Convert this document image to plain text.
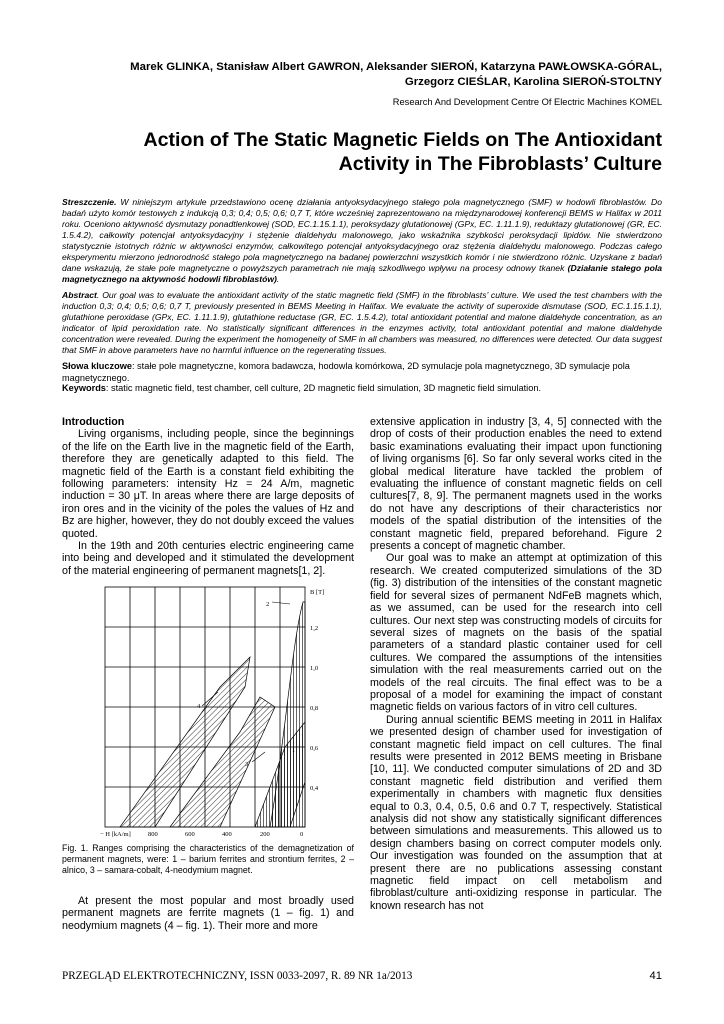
Marek GLINKA, Stanisław Albert GAWRON, Aleksander SIEROŃ, Katarzyna PAWŁOWSKA-GÓRAL,
Grzegorz CIEŚLAR, Karolina SIEROŃ-STOLTNY
Research And Development Centre Of Electric Machines KOMEL
Action of The Static Magnetic Fields on The Antioxidant
Activity in The Fibroblasts’ Culture
Streszczenie. W niniejszym artykule przedstawiono ocenę działania antyoksydacyjnego stałego pola magnetycznego (SMF) w hodowli fibroblastów. Do badań użyto komór testowych z indukcją 0,3; 0,4; 0,5; 0,6; 0,7 T, które wcześniej zaprezentowano na międzynarodowej konferencji BEMS w Halifax w 2011 roku. Oceniono aktywność dysmutazy ponadtlenkowej (SOD, EC.1.15.1.1), peroksydazy glutationowej (GPx, EC. 1.11.1.9), reduktazy glutationowej (GR, EC. 1.5.4.2), całkowity potencjał antyoksydacyjny i stężenie dialdehydu malonowego, jako wskaźnika szybkości peroksydacji lipidów. Nie stwierdzono statystycznie istotnych różnic w aktywności enzymów, całkowitego potencjał antyoksydacyjnego oraz stężenia dialdehydu malonowego. Podczas całego eksperymentu mierzono jednorodność stałego pola magnetycznego na badanej powierzchni wszystkich komór i nie stwierdzono różnic. Uzyskane z badań dane wskazują, że stałe pole magnetyczne o powyższych parametrach nie mają szkodliwego wpływu na procesy odnowy tkanek (Działanie stałego pola magnetycznego na aktywność hodowli fibroblastów).
Abstract. Our goal was to evaluate the antioxidant activity of the static magnetic field (SMF) in the fibroblasts’ culture. We used the test chambers with the induction 0,3; 0,4; 0,5; 0,6; 0,7 T, previously presented in BEMS Meeting in Halifax. We evaluate the activity of superoxide dismutase (SOD, EC.1.15.1.1), glutathione peroxidase (GPx, EC. 1.11.1.9), glutathione reductase (GR, EC. 1.5.4.2), total antioxidant potential and malone dialdehyde concentration, as an indicator of lipid peroxidation rate. No statistically significant differences in the enzymes activity, total antioxidant potential and malone dialdehyde concentration were revealed. During the experiment the homogeneity of SMF in all chambers was measured, no differences were detected. Our data suggest that SMF in above parameters have no harmful influence on the regenerating tissues.
Słowa kluczowe: stałe pole magnetyczne, komora badawcza, hodowla komórkowa, 2D symulacje pola magnetycznego, 3D symulacje pola magnetycznego.
Keywords: static magnetic field, test chamber, cell culture, 2D magnetic field simulation, 3D magnetic field simulation.

Introduction

Living organisms, including people, since the beginnings of the life on the Earth live in the magnetic field of the Earth, therefore they are genetically adapted to this field. The magnetic field of the Earth is a constant field exhibiting the following parameters: intensity Hz = 24 A/m, magnetic induction = 30 μT. In areas where there are large deposits of iron ores and in the vicinity of the poles the values of Hz and Bz are higher, however, they do not doubly exceed the values quoted.

In the 19th and 20th centuries electric engineering came into being and developed and it stimulated the development of the material engineering of permanent magnets[1, 2].

4
3
2
1
B [T]
1,2
1,0
0,8
0,6
0,4
− H [kA/m]	800	600	400	200	0
Fig. 1. Ranges comprising the characteristics of the demagnetization of permanent magnets, were: 1 – barium ferrites and strontium ferrites, 2 – alnico, 3 – samara-cobalt, 4-neodymium magnet.

At present the most popular and most broadly used permanent magnets are ferrite magnets (1 – fig. 1) and neodymium magnets (4 – fig. 1). Their more and more

extensive application in industry [3, 4, 5] connected with the drop of costs of their production enables the need to extend basic examinations evaluating their impact upon functioning of living organisms [6]. So far only several works cited in the global medical literature have tackled the problem of evaluating the influence of constant magnetic fields on cell cultures[7, 8, 9]. The permanent magnets used in the works do not have any descriptions of their characteristics nor models of the spatial distribution of the intensities of the constant magnetic field, prepared beforehand. Figure 2 presents a concept of magnetic chamber.

Our goal was to make an attempt at optimization of this research. We created computerized simulations of the 3D (fig. 3) distribution of the intensities of the constant magnetic field for several sizes of permanent NdFeB magnets which, as we assumed, can be used for the research into cell cultures. Our next step was constructing models of circuits for several sizes of magnets on the basis of the spatial parameters of a standard plastic container used for cell cultures. We compared the assumptions of the intensities simulation with the real measurements carried out on the models of the real circuits. The final effect was to be a proposal of a model for examining the impact of constant magnetic fields on various factors of in vitro cell cultures.

During annual scientific BEMS meeting in 2011 in Halifax we presented design of chamber used for investigation of constant magnetic field impact on cell cultures. The final results were presented in 2012 BEMS meeting in Brisbane [10, 11]. We conducted computer simulations of 2D and 3D constant magnetic field distribution and verified them experimentally in chambers with magnetic flux densities equal to 0.3, 0.4, 0.5, 0.6 and 0.7 T, respectively. Statistical analysis did not show any statistically significant differences between simulations and measurements. This allowed us to design chambers basing on correct computer models only. Our investigation was founded on the assumption that at present there are no publications assessing constant magnetic field impact on cell metabolism and fibroblast/culture anti-oxidizing response in particular. The known research has not

PRZEGLĄD ELEKTROTECHNICZNY, ISSN 0033-2097, R. 89 NR 1a/2013	41
